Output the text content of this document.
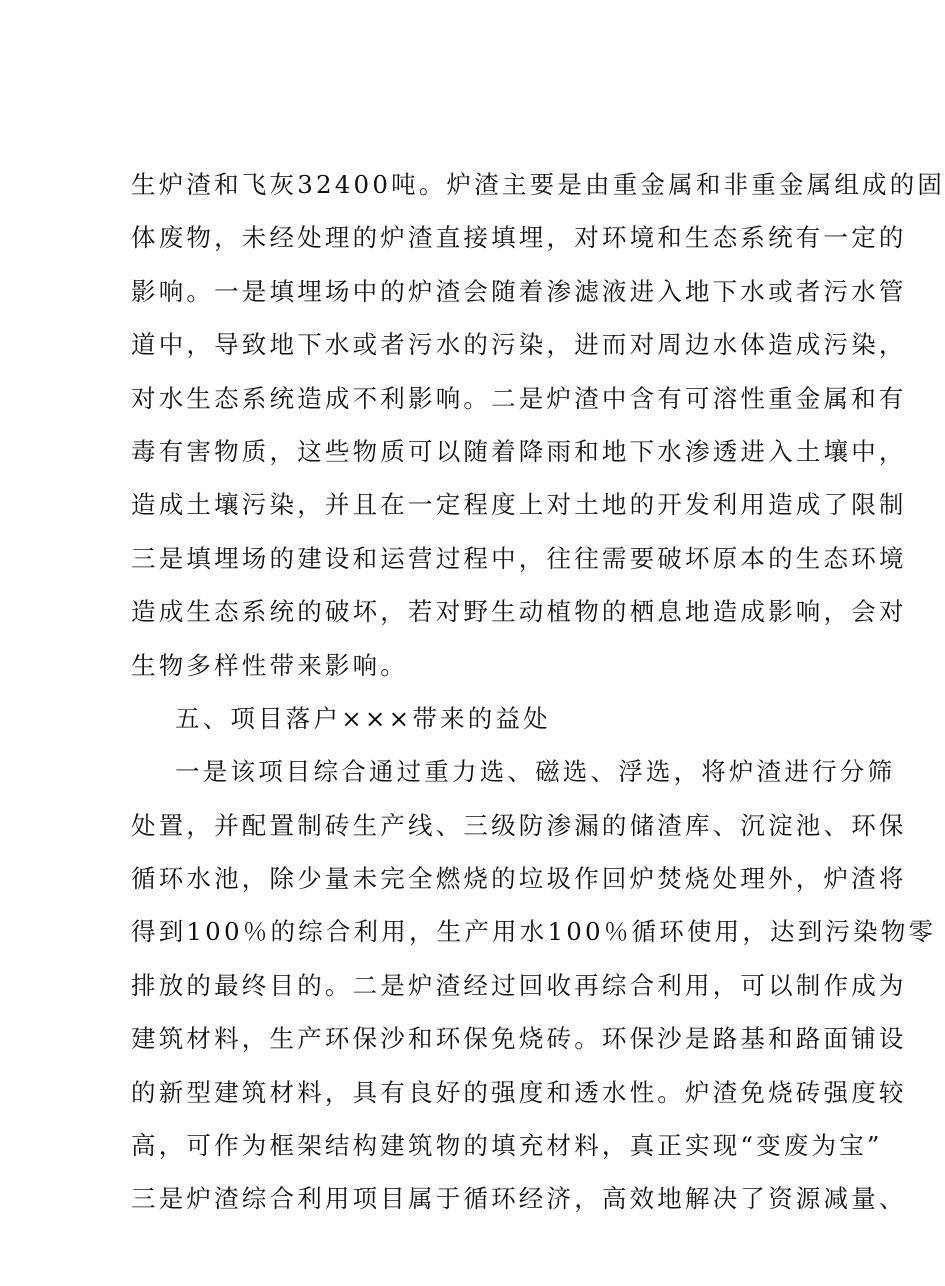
生炉渣和飞灰32400吨。炉渣主要是由重金属和非重金属组成的固
体废物，未经处理的炉渣直接填埋，对环境和生态系统有一定的
影响。一是填埋场中的炉渣会随着渗滤液进入地下水或者污水管
道中，导致地下水或者污水的污染，进而对周边水体造成污染，
对水生态系统造成不利影响。二是炉渣中含有可溶性重金属和有
毒有害物质，这些物质可以随着降雨和地下水渗透进入土壤中，
造成土壤污染，并且在一定程度上对土地的开发利用造成了限制
三是填埋场的建设和运营过程中，往往需要破坏原本的生态环境
造成生态系统的破坏，若对野生动植物的栖息地造成影响，会对
生物多样性带来影响。
五、项目落户×××带来的益处
一是该项目综合通过重力选、磁选、浮选，将炉渣进行分筛
处置，并配置制砖生产线、三级防渗漏的储渣库、沉淀池、环保
循环水池，除少量未完全燃烧的垃圾作回炉焚烧处理外，炉渣将
得到100％的综合利用，生产用水100％循环使用，达到污染物零
排放的最终目的。二是炉渣经过回收再综合利用，可以制作成为
建筑材料，生产环保沙和环保免烧砖。环保沙是路基和路面铺设
的新型建筑材料，具有良好的强度和透水性。炉渣免烧砖强度较
高，可作为框架结构建筑物的填充材料，真正实现“变废为宝”
三是炉渣综合利用项目属于循环经济，高效地解决了资源减量、
